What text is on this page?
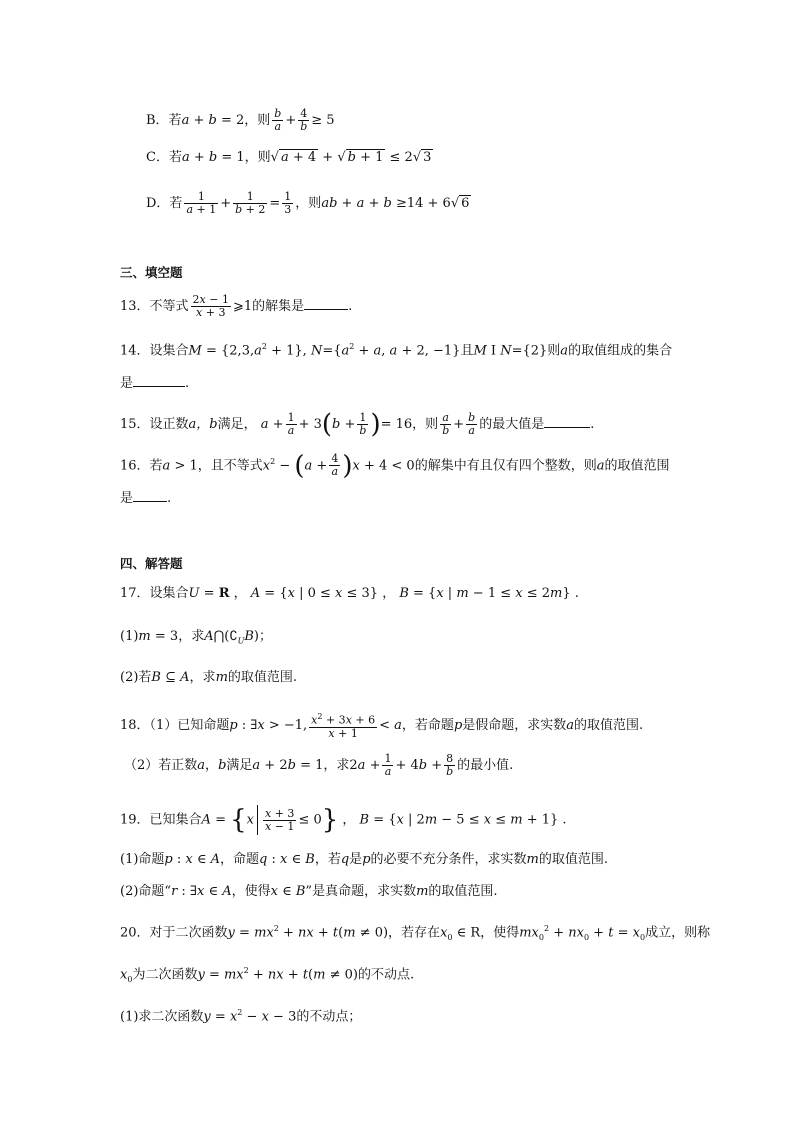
B．若a + b = 2，则 $\frac{b}{a} + \frac{4}{b} \ge 5$
C．若a + b = 1，则√ a + 4 + √ b + 1 ≤ 2√ 3
D．若 $\frac{1}{a + 1} + \frac{1}{b + 2} = \frac{1}{3}$ ，则ab + a + b ≥14 + 6√ 6
三、填空题
13．不等式 $\frac{2x - 1}{x + 3}$ ⩾1的解集是	.
14．设集合$M = \{2,3,a^2 + 1\}$, $N=\{a^2 + a$, a + 2, −1}且M I N={2}则a的取值组成的集合
是	.
15．设正数a，b满足， $a + \frac{1}{a} + 3(b + \frac{1}{b}$ )= 16，则 $\frac{a}{b} + \frac{b}{a}$ 的最大值是	.
16．若a > 1，且不等式$x^2 - (a + \frac{4}{a} )x + 4 < 0$的解集中有且仅有四个整数，则a的取值范围
是	.
四、解答题
17．设集合U = R ， A = {x | 0 ≤ x ≤ 3} ， B = {x | m − 1 ≤ x ≤ 2m} .
(1)m = 3，求$A⋂(∁_UB)$；
(2)若B ⊆ A，求m的取值范围.
18．（1）已知命题p : ∃x > −1, $\frac{x^2 + 3x + 6}{x + 1} < a$，若命题p是假命题，求实数a的取值范围.
（2）若正数a，b满足a + 2b = 1，求$2a + \frac{1}{a} + 4b + \frac{8}{b}$ 的最小值.
19．已知集合$A = \{x \frac{x + 3}{x - 1} \le 0\}$ ， B = {x | 2m − 5 ≤ x ≤ m + 1} .
(1)命题p : x ∈ A，命题q : x ∈ B，若q是p的必要不充分条件，求实数m的取值范围.
(2)命题“r : ∃x ∈ A，使得x ∈ B”是真命题，求实数m的取值范围.
20．对于二次函数$y = mx^2$ + nx + t(m ≠ 0)，若存在$x_0$ ∈ R，使得$mx_0^2 + nx_0 + t = x_0$成立，则称
$x_0$为二次函数$y = mx^2$ + nx + t(m ≠ 0)的不动点.
(1)求二次函数$y = x^2 - x - 3$的不动点；
